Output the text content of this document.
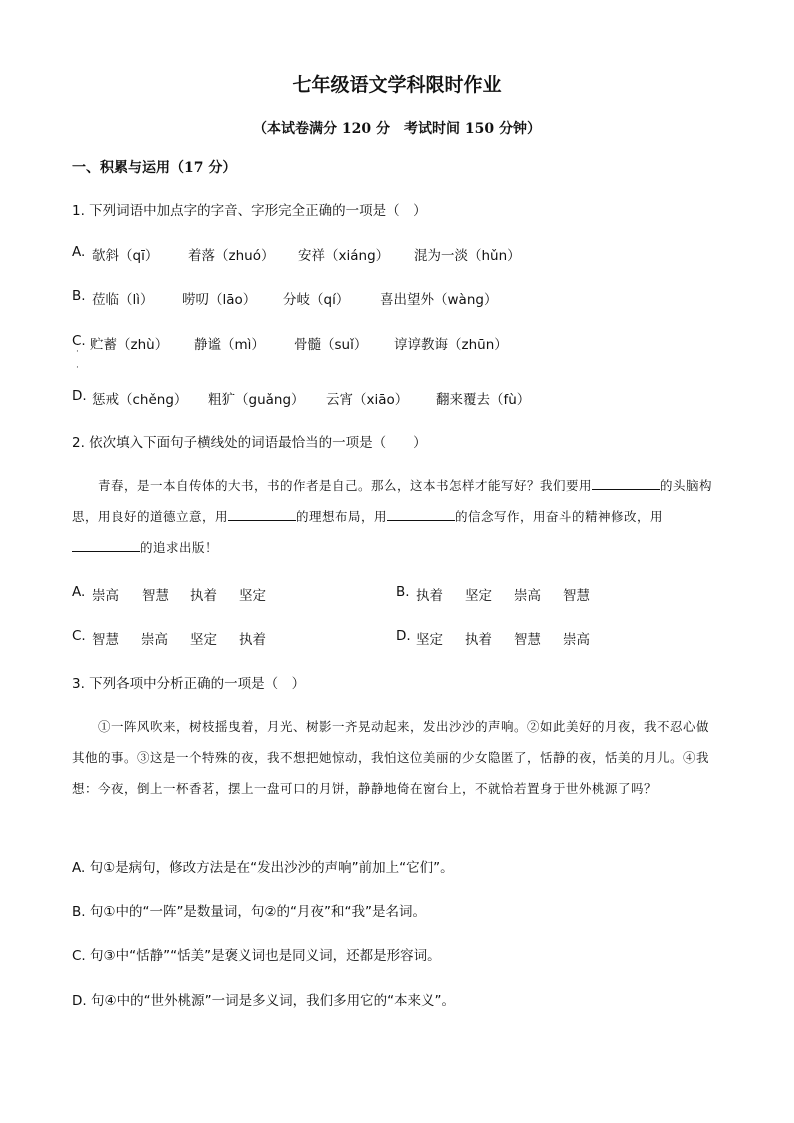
七年级语文学科限时作业
（本试卷满分 120 分　考试时间 150 分钟）
一、积累与运用（17 分）
1. 下列词语中加点字的字音、字形完全正确的一项是（　）
A. 欹斜（qī） 着落（zhuó） 安祥（xiáng） 混为一淡（hǔn）
B. 莅临（lì） 唠叨（lāo） 分岐（qí） 喜出望外（wàng）
C. 贮蓄（zhù） 静谧（mì） 骨髓（suǐ） 谆谆教诲（zhūn）
·
·
D. 惩戒（chěng） 粗犷（guǎng） 云宵（xiāo） 翻来覆去（fù）
2. 依次填入下面句子横线处的词语最恰当的一项是（　　）
青春，是一本自传体的大书，书的作者是自己。那么，这本书怎样才能写好？我们要用	的头脑构思，用良好的道德立意，用	的理想布局，用	的信念写作，用奋斗的精神修改，用的追求出版！
A. 崇高 智慧 执着 坚定	B. 执着 坚定 崇高 智慧
C. 智慧 崇高 坚定 执着	D. 坚定 执着 智慧 崇高
3. 下列各项中分析正确的一项是（　）
①一阵风吹来，树枝摇曳着，月光、树影一齐晃动起来，发出沙沙的声响。②如此美好的月夜，我不忍心做其他的事。③这是一个特殊的夜，我不想把她惊动，我怕这位美丽的少女隐匿了，恬静的夜，恬美的月儿。④我想：今夜，倒上一杯香茗，摆上一盘可口的月饼，静静地倚在窗台上，不就恰若置身于世外桃源了吗？
A. 句①是病句，修改方法是在“发出沙沙的声响”前加上“它们”。
B. 句①中的“一阵”是数量词，句②的“月夜”和“我”是名词。
C. 句③中“恬静”“恬美”是褒义词也是同义词，还都是形容词。
D. 句④中的“世外桃源”一词是多义词，我们多用它的“本来义”。
